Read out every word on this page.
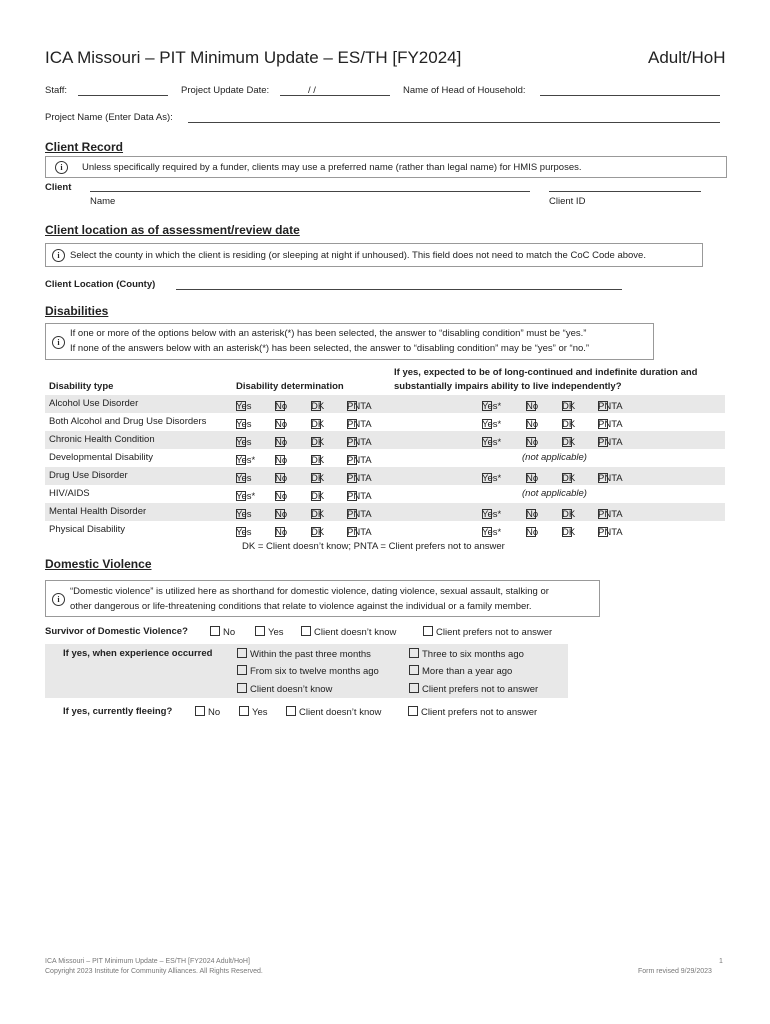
ICA Missouri – PIT Minimum Update – ES/TH [FY2024]	Adult/HoH
Staff:	Project Update Date:	/ /	Name of Head of Household:
Project Name (Enter Data As):
Client Record
i	Unless specifically required by a funder, clients may use a preferred name (rather than legal name) for HMIS purposes.
Client
Name	Client ID
Client location as of assessment/review date
i	Select the county in which the client is residing (or sleeping at night if unhoused). This field does not need to match the CoC Code above.
Client Location (County)
Disabilities
i
If one or more of the options below with an asterisk(*) has been selected, the answer to “disabling condition” must be “yes.”
If none of the answers below with an asterisk(*) has been selected, the answer to “disabling condition” may be “yes” or “no.”
Disability type	Disability determination
If yes, expected to be of long-continued and indefinite duration and
substantially impairs ability to live independently?
Alcohol Use Disorder	Yes No	DK PNTA	Yes*	No	DK PNTA
Both Alcohol and Drug Use Disorders	Yes No	DK PNTA	Yes*	No	DK PNTA
Chronic Health Condition	Yes No	DK PNTA	Yes*	No	DK PNTA
Developmental Disability	Yes* No	DK PNTA	(not applicable)
Drug Use Disorder	Yes No	DK PNTA	Yes*	No	DK PNTA
HIV/AIDS	Yes* No	DK PNTA	(not applicable)
Mental Health Disorder	Yes No	DK PNTA	Yes*	No	DK PNTA
Physical Disability	Yes No	DK PNTA	Yes*	No	DK PNTA
DK = Client doesn’t know; PNTA = Client prefers not to answer
Domestic Violence
i
“Domestic violence” is utilized here as shorthand for domestic violence, dating violence, sexual assault, stalking or
other dangerous or life-threatening conditions that relate to violence against the individual or a family member.
Survivor of Domestic Violence?	No	Yes	Client doesn’t know	Client prefers not to answer
If yes, when experience occurred	Within the past three months	Three to six months ago
From six to twelve months ago	More than a year ago
Client doesn’t know	Client prefers not to answer
If yes, currently fleeing?	No	Yes	Client doesn’t know	Client prefers not to answer
ICA Missouri – PIT Minimum Update – ES/TH [FY2024 Adult/HoH]
Copyright 2023 Institute for Community Alliances. All Rights Reserved.
1
Form revised 9/29/2023
